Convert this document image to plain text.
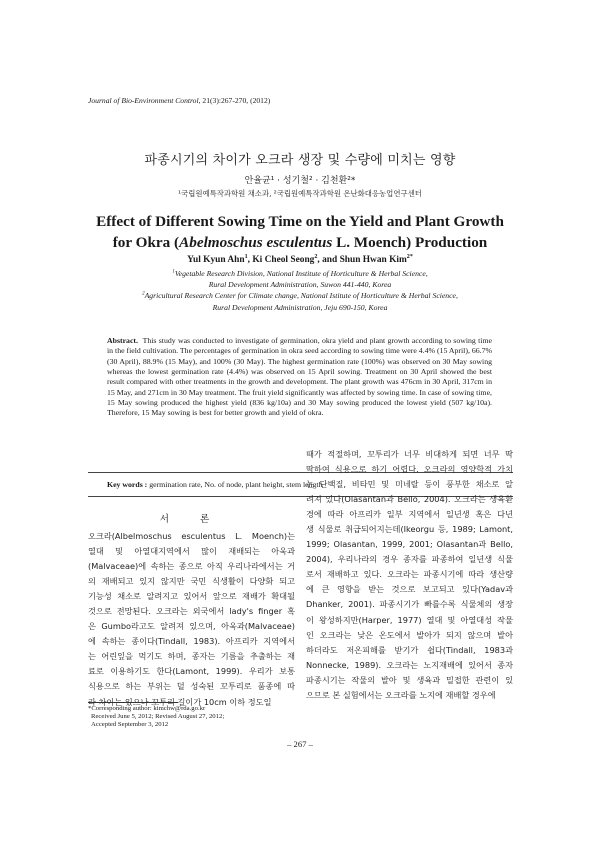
Journal of Bio-Environment Control, 21(3):267-270, (2012)
파종시기의 차이가 오크라 생장 및 수량에 미치는 영향
안율균¹ · 성기철² · 김천환²*
¹국립원예특작과학원 채소과, ²국립원예특작과학원 온난화대응농업연구센터
Effect of Different Sowing Time on the Yield and Plant Growth
for Okra (Abelmoschus esculentus L. Moench) Production
Yul Kyun Ahn$^1$, Ki Cheol Seong$^2$, and Shun Hwan Kim$^{2*}$
$^1$Vegetable Research Division, National Institute of Horticulture & Herbal Science,
Rural Development Administration, Suwon 441-440, Korea
$^2$Agricultural Research Center for Climate change, National Istitute of Horticulture & Herbal Science,
Rural Development Administration, Jeju 690-150, Korea
Abstract. This study was conducted to investigate of germination, okra yield and plant growth according to sowing time in the field cultivation. The percentages of germination in okra seed according to sowing time were 4.4% (15 April), 66.7% (30 April), 88.9% (15 May), and 100% (30 May). The highest germination rate (100%) was observed on 30 May sowing whereas the lowest germination rate (4.4%) was observed on 15 April sowing. Treatment on 30 April showed the best result compared with other treatments in the growth and development. The plant growth was 476cm in 30 April, 317cm in 15 May, and 271cm in 30 May treatment. The fruit yield significantly was affected by sowing time. In case of sowing time, 15 May sowing produced the highest yield (836 kg/10a) and 30 May sowing produced the lowest yield (507 kg/10a). Therefore, 15 May sowing is best for better growth and yield of okra.
Key words : germination rate, No. of node, plant height, stem length
서 론
오크라(Albelmoschus esculentus L. Moench)는
열대 및 아열대지역에서 많이 재배되는 아욱과
(Malvaceae)에 속하는 종으로 아직 우리나라에서는 거
의 재배되고 있지 않지만 국민 식생활이 다양화 되고
기능성 채소로 알려지고 있어서 앞으로 재배가 확대될
것으로 전망된다. 오크라는 외국에서 lady's finger 혹
은 Gumbo라고도 알려져 있으며, 아욱과(Malvaceae)
에 속하는 종이다(Tindall, 1983). 아프리카 지역에서
는 어린잎을 먹기도 하며, 종자는 기름을 추출하는 재
료로 이용하기도 한다(Lamont, 1999). 우리가 보통
식용으로 하는 부위는 덜 성숙된 꼬투리로 품종에 따
라 차이는 있으나 꼬투리 길이가 10cm 이하 정도일
때가 적절하며, 꼬투리가 너무 비대하게 되면 너무 딱
딱하여 식용으로 하기 어렵다. 오크라의 영양학적 가치
는 단백질, 비타민 및 미네랄 등이 풍부한 채소로 알
려져 있다(Olasantan과 Bello, 2004). 오크라는 생육환
경에 따라 아프리카 일부 지역에서 일년생 혹은 다년
생 식물로 취급되어지는데(Ikeorgu 등, 1989; Lamont,
1999; Olasantan, 1999, 2001; Olasantan과 Bello,
2004), 우리나라의 경우 종자를 파종하여 일년생 식물
로서 재배하고 있다. 오크라는 파종시기에 따라 생산량
에 큰 영향을 받는 것으로 보고되고 있다(Yadav과
Dhanker, 2001). 파종시기가 빠를수록 식물체의 생장
이 왕성하지만(Harper, 1977) 열대 및 아열대성 작물
인 오크라는 낮은 온도에서 발아가 되지 않으며 발아
하더라도 저온피해를 받기가 쉽다(Tindall, 1983과
Nonnecke, 1989). 오크라는 노지재배에 있어서 종자
파종시기는 작물의 발아 및 생육과 밀접한 관련이 있
으므로 본 실험에서는 오크라를 노지에 재배할 경우에
*Corresponding author: kimchw@rda.go.kr
Received June 5, 2012; Revised August 27, 2012;
Accepted September 3, 2012
– 267 –
